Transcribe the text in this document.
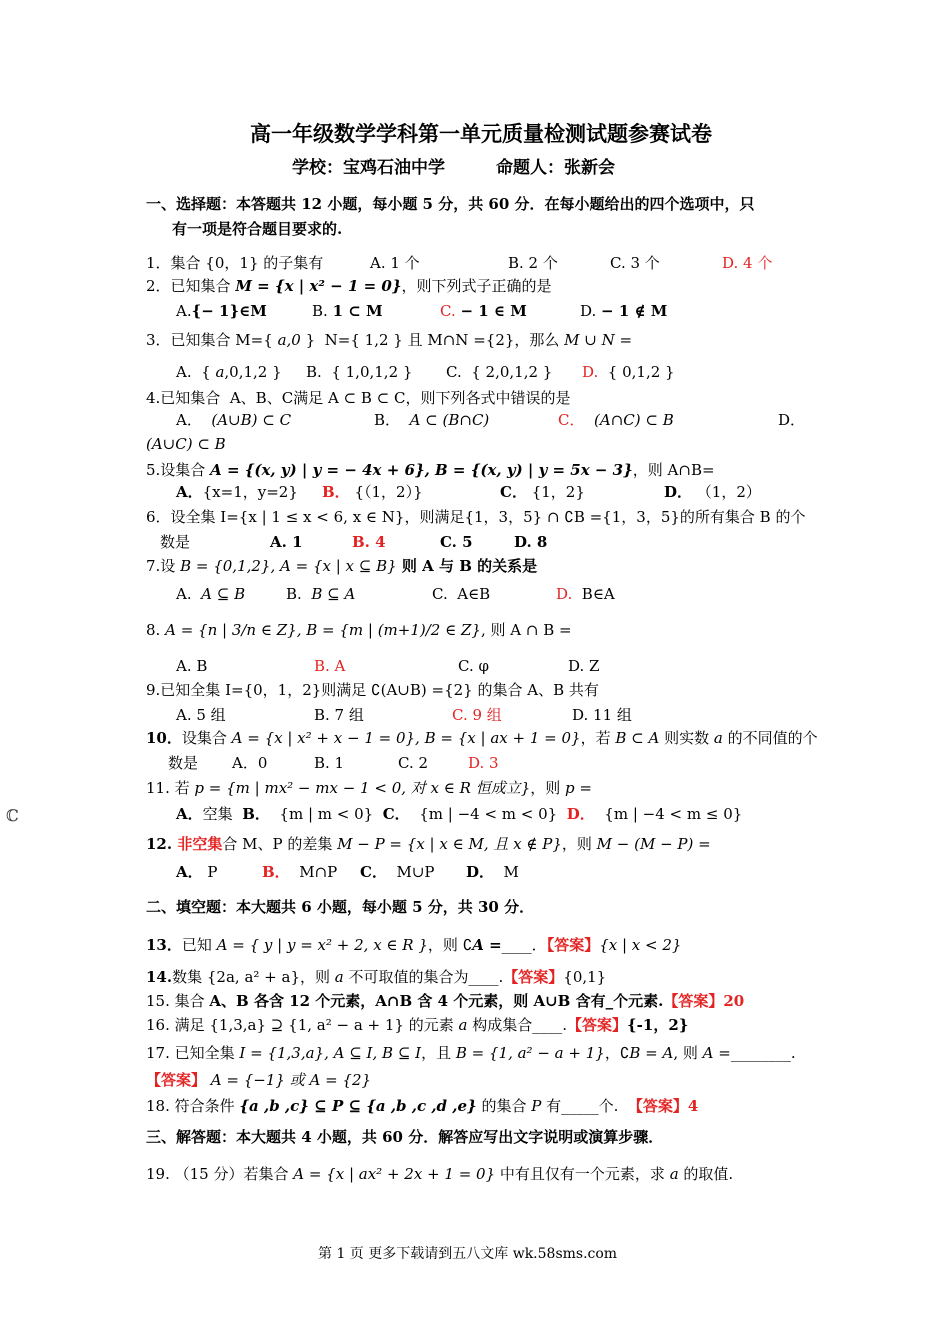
高一年级数学学科第一单元质量检测试题参赛试卷
学校：宝鸡石油中学　　　命题人：张新会
一、选择题：本答题共 12 小题，每小题 5 分，共 60 分．在每小题给出的四个选项中，只
有一项是符合题目要求的.
1．集合 {0，1} 的子集有	A. 1 个	B. 2 个	C. 3 个	D. 4 个
2．已知集合 M = {x | x² − 1 = 0}，则下列式子正确的是
A.{− 1}∈M	B. 1 ⊂ M	C. − 1 ∈ M	D. − 1 ∉ M
3．已知集合 M={ a,0 }  N={ 1,2 } 且 M∩N ={2}，那么 M ∪ N =
A.  { a,0,1,2 } B.  { 1,0,1,2 } C.  { 2,0,1,2 } D.  { 0,1,2 }
4.已知集合  A、B、C满足 A ⊂ B ⊂ C，则下列各式中错误的是
A．  (A∪B) ⊂ C	B．  A ⊂ (B∩C)	C． (A∩C) ⊂ B	D．
(A∪C) ⊂ B
5.设集合 A = {(x, y) | y = − 4x + 6}, B = {(x, y) | y = 5x − 3}，则 A∩B=
A．{x=1，y=2} B． {（1，2）}	C． {1，2}	D． （1，2）
6．设全集 I={x | 1 ≤ x < 6, x ∈ N}，则满足{1，3，5} ∩ ∁B ={1，3，5}的所有集合 B 的个
数是	A. 1	B. 4	C. 5	D. 8
7.设 B = {0,1,2}, A = {x | x ⊆ B} 则 A 与 B 的关系是
A.  A ⊆ B	B.  B ⊆ A	C.  A∈B	D.  B∈A
8. A = {n | 3/n ∈ Z}, B = {m | (m+1)/2 ∈ Z}, 则 A ∩ B =
A. B	B. A	C. φ	D. Z
9.已知全集 I={0，1，2}则满足 ∁(A∪B) ={2} 的集合 A、B 共有
A. 5 组	B. 7 组	C. 9 组	D. 11 组
10．设集合 A = {x | x² + x − 1 = 0}, B = {x | ax + 1 = 0}，若 B ⊂ A 则实数 a 的不同值的个
数是 A．0	B. 1	C. 2	D. 3
11. 若 p = {m | mx² − mx − 1 < 0, 对 x ∈ R 恒成立}，则 p =
A．空集  B．  {m | m < 0}  C．  {m | −4 < m < 0}  D．  {m | −4 < m ≤ 0}
12. 非空集合 M、P 的差集 M − P = {x | x ∈ M, 且 x ∉ P}，则 M − (M − P) =
A． P	B．  M∩P C．  M∪P D．  M
二、填空题：本大题共 6 小题，每小题 5 分，共 30 分．
13．已知 A = { y | y = x² + 2, x ∈ R }，则 ∁A =____．【答案】{x | x < 2}
14.数集 {2a, a² + a}，则 a 不可取值的集合为____.【答案】{0,1}
15. 集合 A、B 各含 12 个元素，A∩B 含 4 个元素，则 A∪B 含有_个元素.【答案】20
16. 满足 {1,3,a} ⊇ {1, a² − a + 1} 的元素 a 构成集合____.【答案】{-1，2}
17. 已知全集 I = {1,3,a}, A ⊆ I, B ⊆ I，且 B = {1, a² − a + 1}，∁B = A, 则 A =________.
【答案】 A = {−1} 或 A = {2}
18. 符合条件 {a ,b ,c} ⊆ P ⊆ {a ,b ,c ,d ,e} 的集合 P 有_____个.  【答案】4
三、解答题：本大题共 4 小题，共 60 分．解答应写出文字说明或演算步骤．
19. （15 分）若集合 A = {x | ax² + 2x + 1 = 0} 中有且仅有一个元素，求 a 的取值.
ℂ
第 1 页 更多下载请到五八文库 wk.58sms.com
